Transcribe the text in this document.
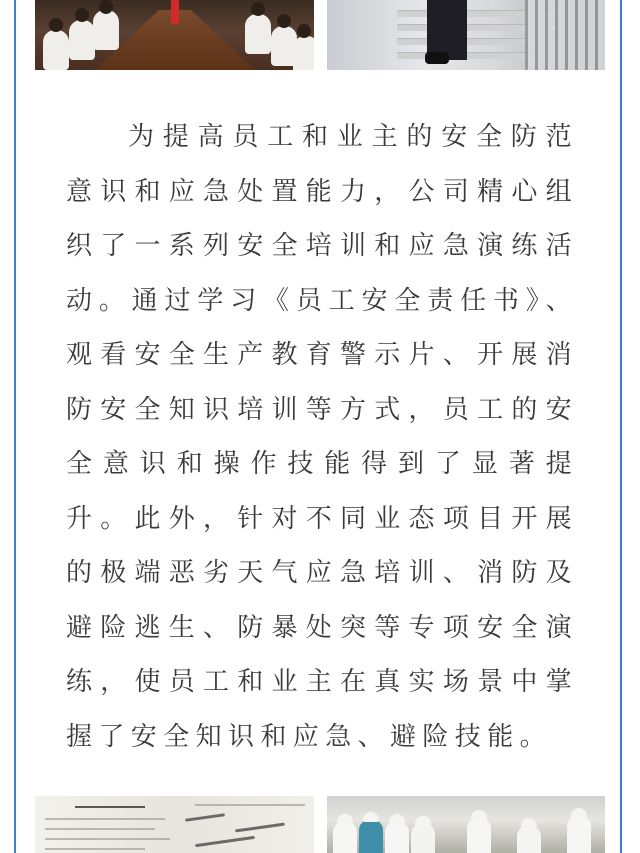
为提高员工和业主的安全防范意识和应急处置能力，公司精心组织了一系列安全培训和应急演练活动。通过学习《员工安全责任书》、观看安全生产教育警示片、开展消防安全知识培训等方式，员工的安全意识和操作技能得到了显著提升。此外，针对不同业态项目开展的极端恶劣天气应急培训、消防及避险逃生、防暴处突等专项安全演练，使员工和业主在真实场景中掌握了安全知识和应急、避险技能。
